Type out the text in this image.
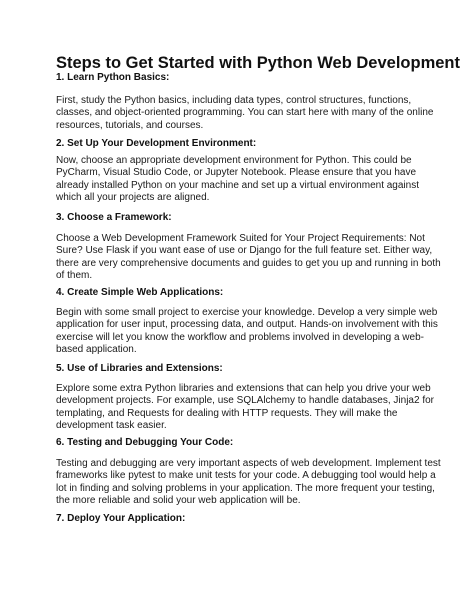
Steps to Get Started with Python Web Development
1. Learn Python Basics:

First, study the Python basics, including data types, control structures, functions,
classes, and object-oriented programming. You can start here with many of the online
resources, tutorials, and courses.

2. Set Up Your Development Environment:

Now, choose an appropriate development environment for Python. This could be
PyCharm, Visual Studio Code, or Jupyter Notebook. Please ensure that you have
already installed Python on your machine and set up a virtual environment against
which all your projects are aligned.

3. Choose a Framework:

Choose a Web Development Framework Suited for Your Project Requirements: Not
Sure? Use Flask if you want ease of use or Django for the full feature set. Either way,
there are very comprehensive documents and guides to get you up and running in both
of them.

4. Create Simple Web Applications:

Begin with some small project to exercise your knowledge. Develop a very simple web
application for user input, processing data, and output. Hands-on involvement with this
exercise will let you know the workflow and problems involved in developing a web-
based application.

5. Use of Libraries and Extensions:

Explore some extra Python libraries and extensions that can help you drive your web
development projects. For example, use SQLAlchemy to handle databases, Jinja2 for
templating, and Requests for dealing with HTTP requests. They will make the
development task easier.

6. Testing and Debugging Your Code:

Testing and debugging are very important aspects of web development. Implement test
frameworks like pytest to make unit tests for your code. A debugging tool would help a
lot in finding and solving problems in your application. The more frequent your testing,
the more reliable and solid your web application will be.

7. Deploy Your Application:
